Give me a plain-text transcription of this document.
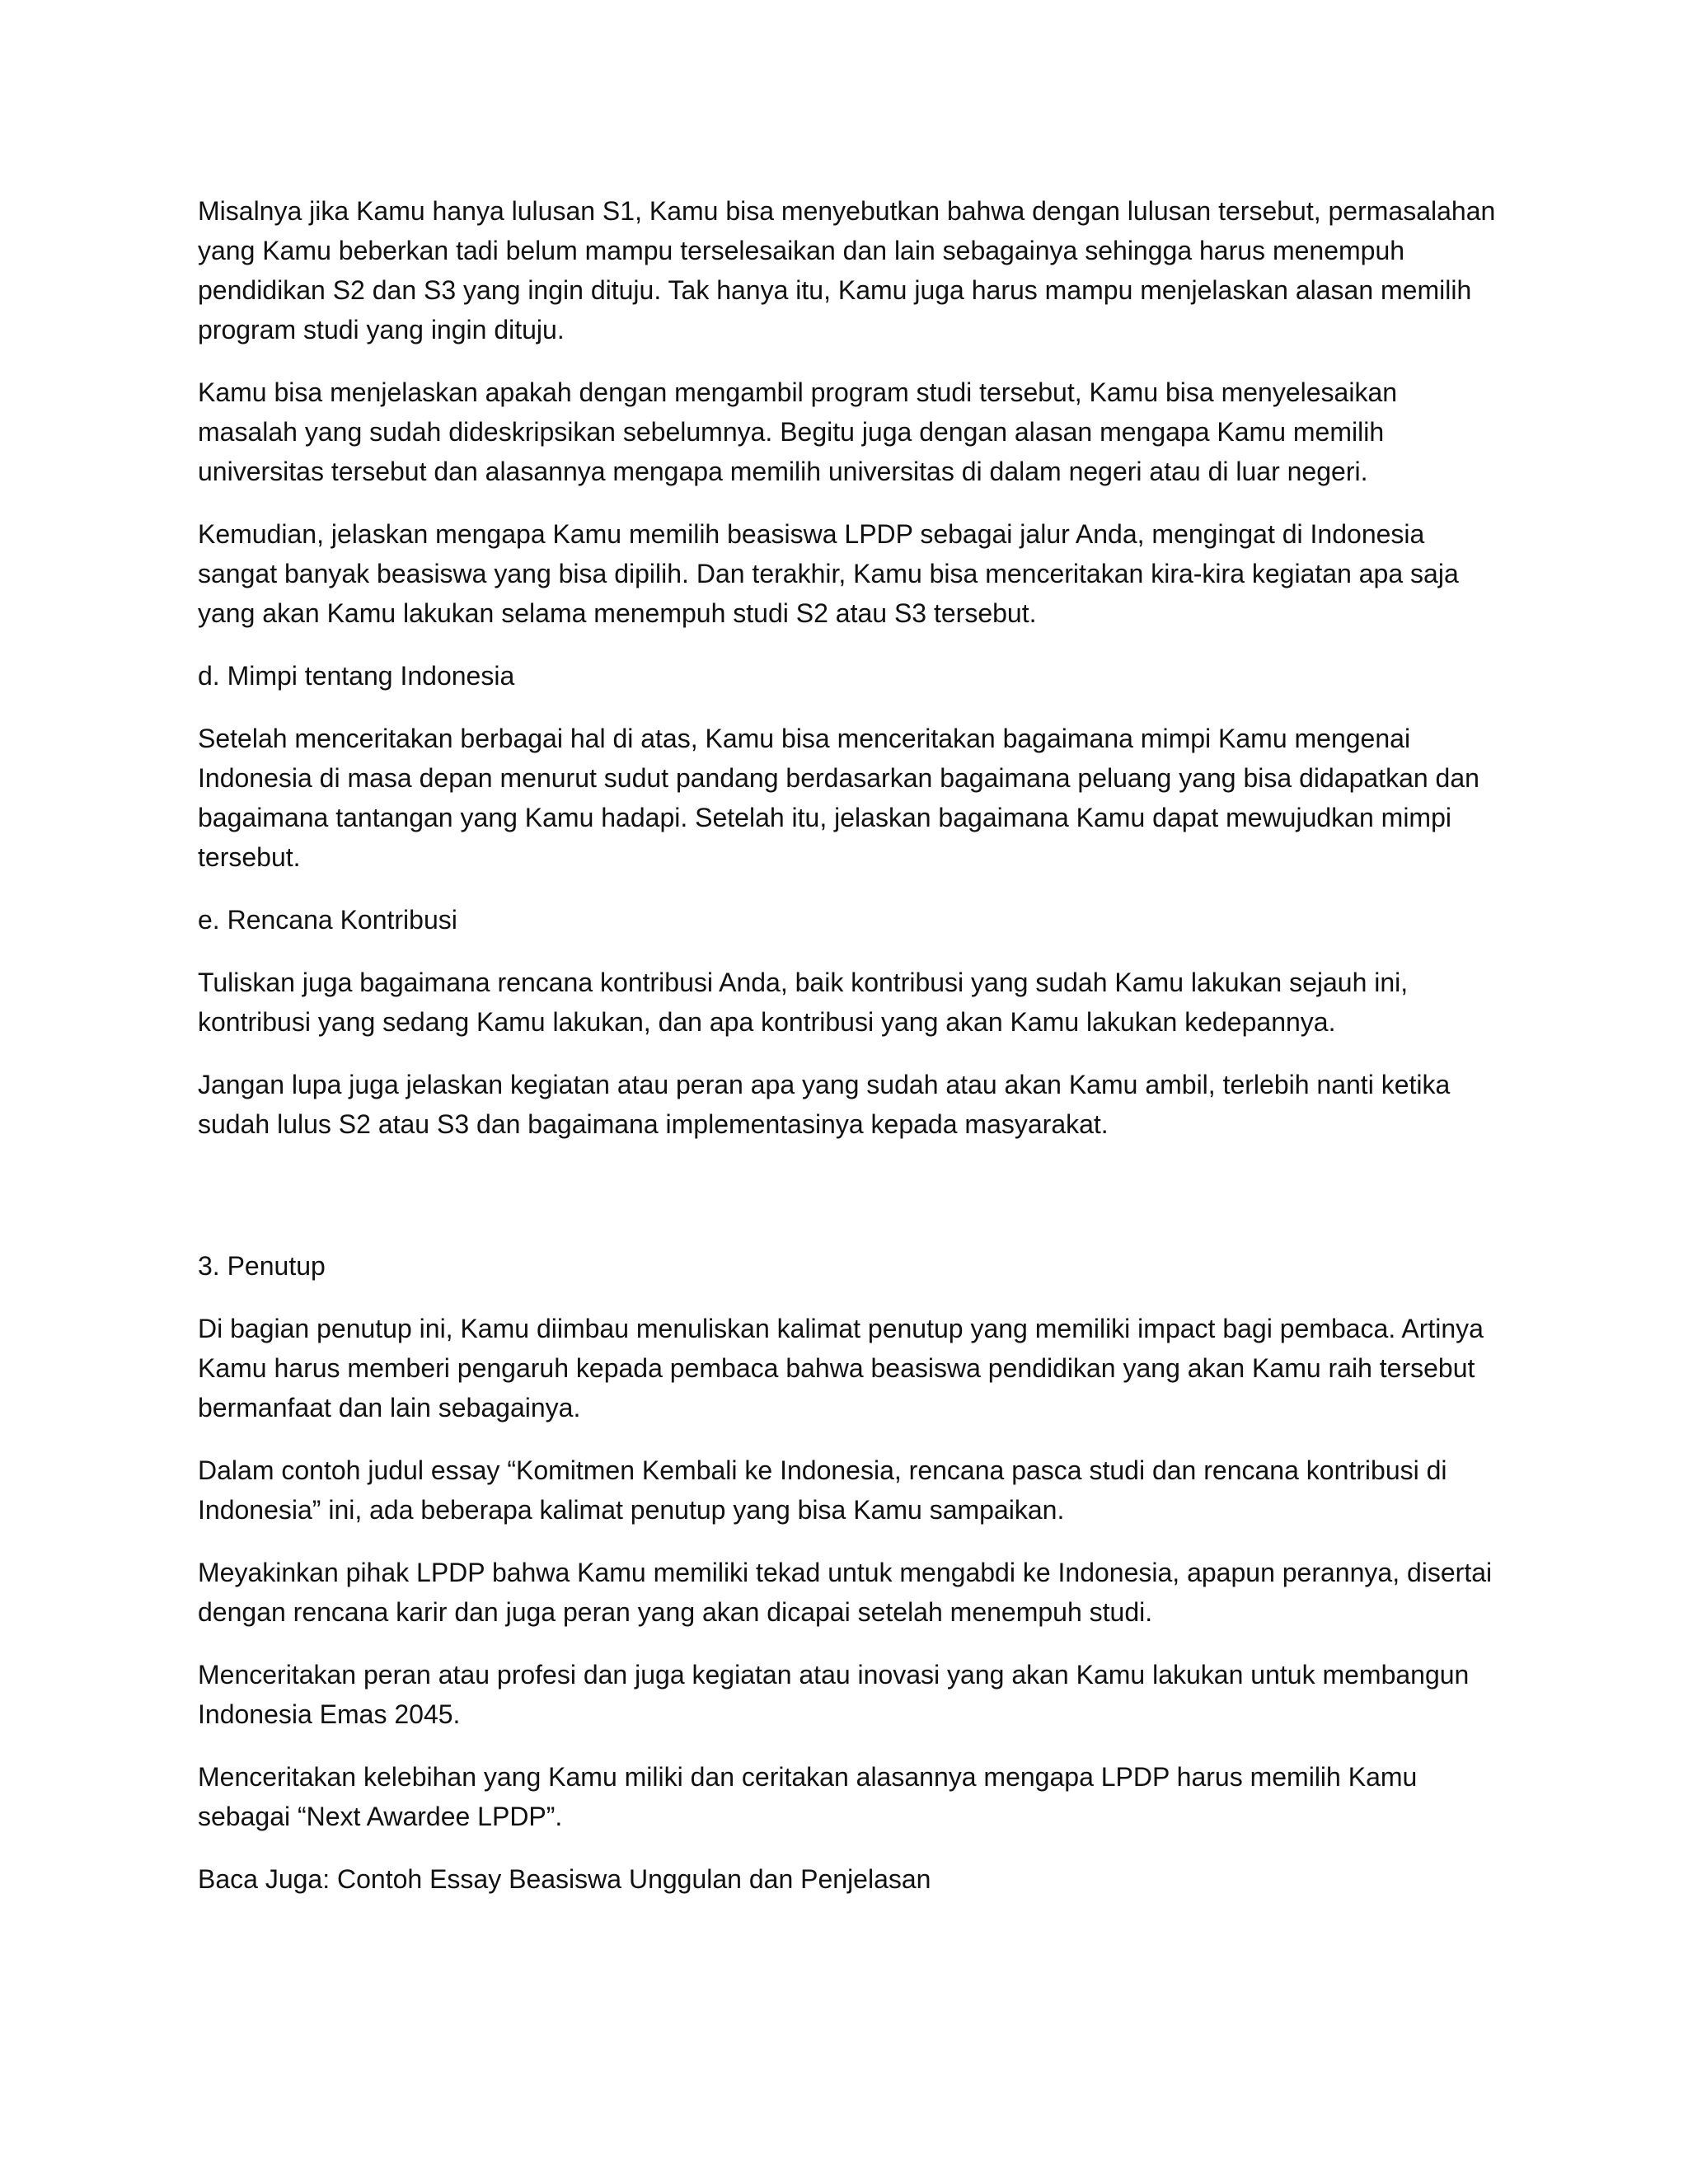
Misalnya jika Kamu hanya lulusan S1, Kamu bisa menyebutkan bahwa dengan lulusan tersebut, permasalahan yang Kamu beberkan tadi belum mampu terselesaikan dan lain sebagainya sehingga harus menempuh pendidikan S2 dan S3 yang ingin dituju. Tak hanya itu, Kamu juga harus mampu menjelaskan alasan memilih program studi yang ingin dituju.

Kamu bisa menjelaskan apakah dengan mengambil program studi tersebut, Kamu bisa menyelesaikan masalah yang sudah dideskripsikan sebelumnya. Begitu juga dengan alasan mengapa Kamu memilih universitas tersebut dan alasannya mengapa memilih universitas di dalam negeri atau di luar negeri.

Kemudian, jelaskan mengapa Kamu memilih beasiswa LPDP sebagai jalur Anda, mengingat di Indonesia sangat banyak beasiswa yang bisa dipilih. Dan terakhir, Kamu bisa menceritakan kira-kira kegiatan apa saja yang akan Kamu lakukan selama menempuh studi S2 atau S3 tersebut.

d. Mimpi tentang Indonesia

Setelah menceritakan berbagai hal di atas, Kamu bisa menceritakan bagaimana mimpi Kamu mengenai Indonesia di masa depan menurut sudut pandang berdasarkan bagaimana peluang yang bisa didapatkan dan bagaimana tantangan yang Kamu hadapi. Setelah itu, jelaskan bagaimana Kamu dapat mewujudkan mimpi tersebut.

e. Rencana Kontribusi

Tuliskan juga bagaimana rencana kontribusi Anda, baik kontribusi yang sudah Kamu lakukan sejauh ini, kontribusi yang sedang Kamu lakukan, dan apa kontribusi yang akan Kamu lakukan kedepannya.

Jangan lupa juga jelaskan kegiatan atau peran apa yang sudah atau akan Kamu ambil, terlebih nanti ketika sudah lulus S2 atau S3 dan bagaimana implementasinya kepada masyarakat.

3. Penutup

Di bagian penutup ini, Kamu diimbau menuliskan kalimat penutup yang memiliki impact bagi pembaca. Artinya Kamu harus memberi pengaruh kepada pembaca bahwa beasiswa pendidikan yang akan Kamu raih tersebut bermanfaat dan lain sebagainya.

Dalam contoh judul essay “Komitmen Kembali ke Indonesia, rencana pasca studi dan rencana kontribusi di Indonesia” ini, ada beberapa kalimat penutup yang bisa Kamu sampaikan.

Meyakinkan pihak LPDP bahwa Kamu memiliki tekad untuk mengabdi ke Indonesia, apapun perannya, disertai dengan rencana karir dan juga peran yang akan dicapai setelah menempuh studi.

Menceritakan peran atau profesi dan juga kegiatan atau inovasi yang akan Kamu lakukan untuk membangun Indonesia Emas 2045.

Menceritakan kelebihan yang Kamu miliki dan ceritakan alasannya mengapa LPDP harus memilih Kamu sebagai “Next Awardee LPDP”.

Baca Juga: Contoh Essay Beasiswa Unggulan dan Penjelasan
